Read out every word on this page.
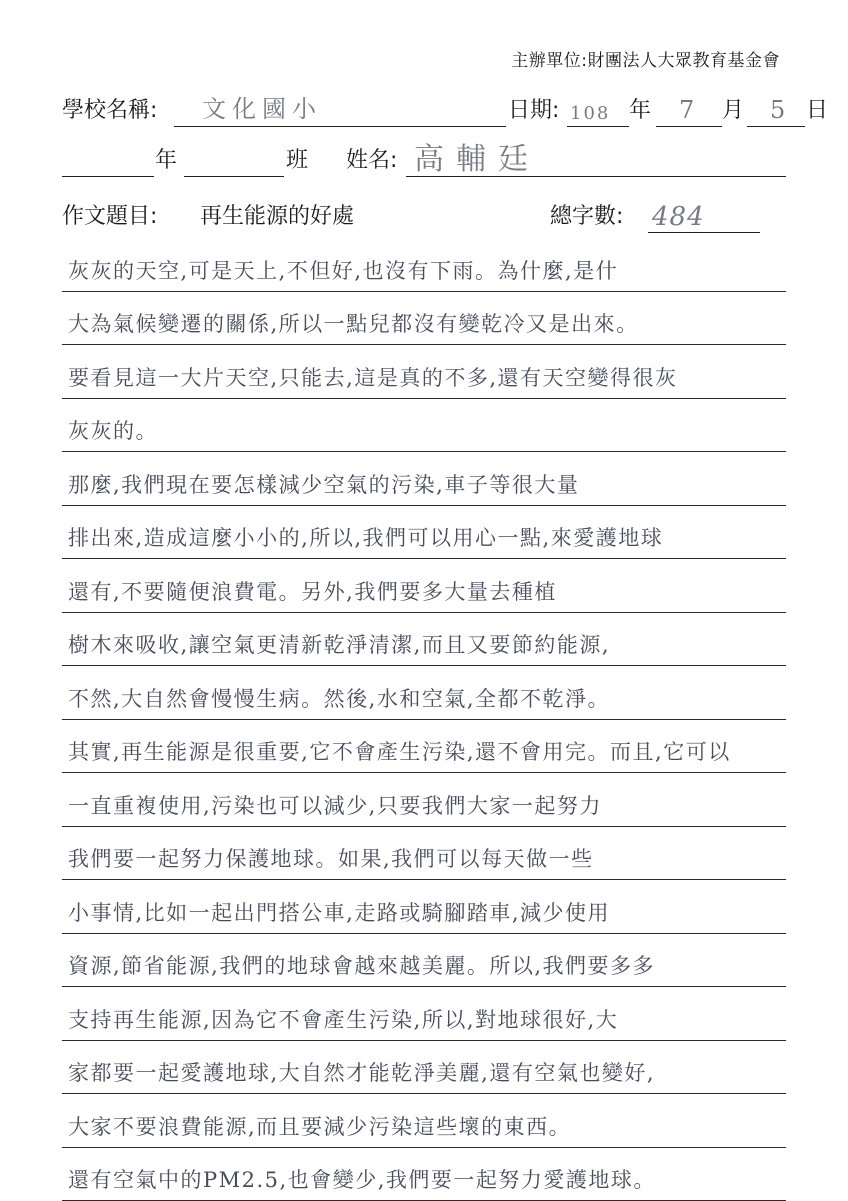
主辦單位:財團法人大眾教育基金會
學校名稱: 文化國小	日期: 108 年 7 月 5 日
年	班 姓名: 高輔廷
作文題目: 再生能源的好處	總字數: 484
灰灰的天空,可是天上,不但好,也沒有下雨。為什麼,是什
大為氣候變遷的關係,所以一點兒都沒有變乾冷又是出來。
要看見這一大片天空,只能去,這是真的不多,還有天空變得很灰
灰灰的。
那麼,我們現在要怎樣減少空氣的污染,車子等很大量
排出來,造成這麼小小的,所以,我們可以用心一點,來愛護地球
還有,不要隨便浪費電。另外,我們要多大量去種植
樹木來吸收,讓空氣更清新乾淨清潔,而且又要節約能源,
不然,大自然會慢慢生病。然後,水和空氣,全都不乾淨。
其實,再生能源是很重要,它不會產生污染,還不會用完。而且,它可以
一直重複使用,污染也可以減少,只要我們大家一起努力
我們要一起努力保護地球。如果,我們可以每天做一些
小事情,比如一起出門搭公車,走路或騎腳踏車,減少使用
資源,節省能源,我們的地球會越來越美麗。所以,我們要多多
支持再生能源,因為它不會產生污染,所以,對地球很好,大
家都要一起愛護地球,大自然才能乾淨美麗,還有空氣也變好,
大家不要浪費能源,而且要減少污染這些壞的東西。
還有空氣中的PM2.5,也會變少,我們要一起努力愛護地球。
